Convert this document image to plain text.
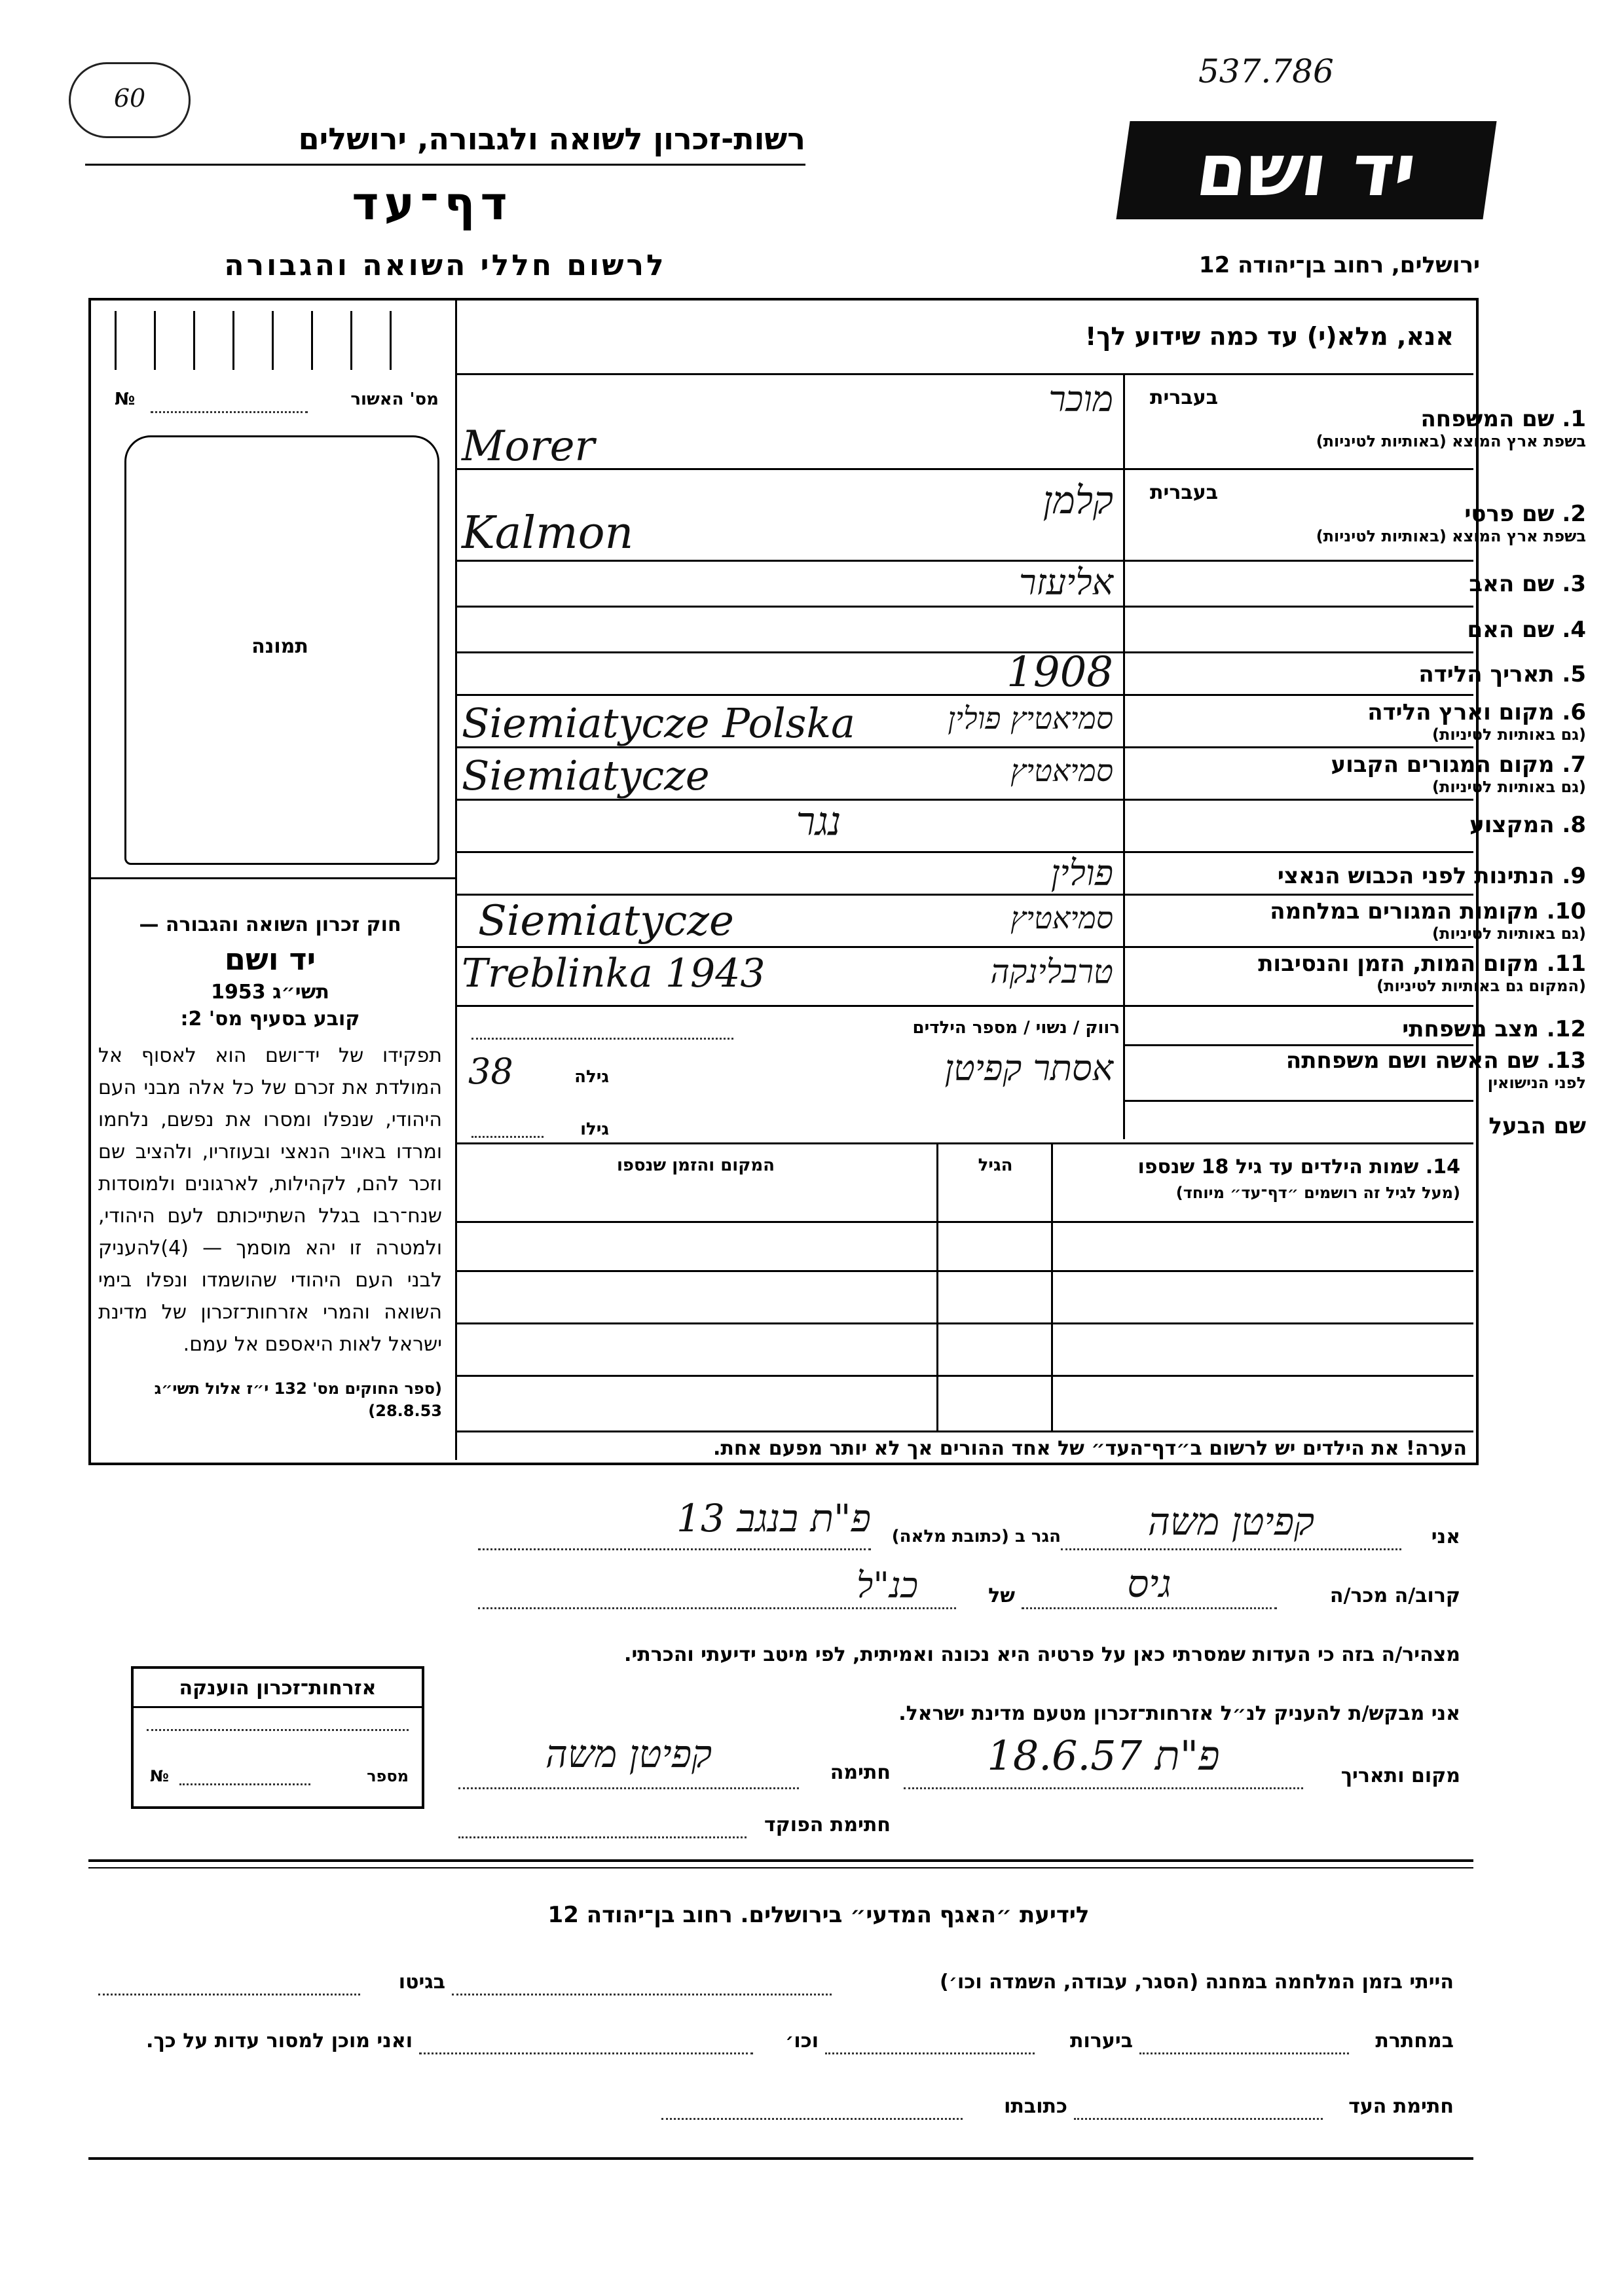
60
537.786
רשות-זכרון לשואה ולגבורה, ירושלים
דף־עד
לרשום חללי השואה והגבורה
יד ושם
ירושלים, רחוב בן־יהודה 12
אנא, מלא(י) עד כמה שידוע לך!
מס' האשור
№
תמונה
חוק זכרון השואה והגבורה —
יד ושם
תשי״ג 1953
קובע בסעיף מס' 2:
תפקידו של יד־ושם הוא לאסוף אל המולדת את זכרם של כל אלה מבני העם היהודי, שנפלו ומסרו את נפשם, נלחמו ומרדו באויב הנאצי ובעוזריו, ולהציב שם וזכר להם, לקהילות, לארגונים ולמוסדות שנח־רבו בגלל השתייכותם לעם היהודי, ולמטרה זו יהא מוסמך — (4)להעניק לבני העם היהודי שהושמדו ונפלו בימי השואה והמרי אזרחות־זכרון של מדינת ישראל לאות היאספם אל עמם.
(ספר החוקים מס' 132 י״ז אלול תשי״ג 28.8.53)
בעברית
1. שם המשפחה
בשפת ארץ המוצא (באותיות לטיניות)
מוכר
Morer
בעברית
2. שם פרטי
בשפת ארץ המוצא (באותיות לטיניות)
קלמן
Kalmon
3. שם האב
אליעזר
4. שם האם
5. תאריך הלידה
1908
6. מקום וארץ הלידה
(גם באותיות לטיניות)
סמיאטיץ פולין
Siemiatycze Polska
7. מקום המגורים הקבוע
(גם באותיות לטיניות)
סמיאטיץ
Siemiatycze
8. המקצוע
נגר
9. הנתינות לפני הכבוש הנאצי
פולין
10. מקומות המגורים במלחמה
(גם באותיות לטיניות)
סמיאטיץ
Siemiatycze
11. מקום המות, הזמן והנסיבות
(המקום גם באותיות לטיניות)
טרבלינקה
Treblinka 1943
12. מצב משפחתי
רווק / נשוי / מספר הילדים
13. שם האשה ושם משפחתה
לפני הנישואין
אסתר קפיטן
גילה
38
שם הבעל
גילו
14. שמות הילדים עד גיל 18 שנספו
(מעל לגיל זה רושמים ״דף־עד״ מיוחד)
הגיל
המקום והזמן שנספו
הערה! את הילדים יש לרשום ב״דף־העד״ של אחד ההורים אך לא יותר מפעם אחת.
אני
קפיטן משה
הגר ב (כתובת מלאה)
פ"ת בנגב 13
קרוב/ה מכר/ה
גיס
של
כנ"ל
מצהיר/ה בזה כי העדות שמסרתי כאן על פרטיה היא נכונה ואמיתית, לפי מיטב ידיעתי והכרתי.
אני מבקש/ת להעניק לנ״ל אזרחות־זכרון מטעם מדינת ישראל.
מקום ותאריך
פ"ת 18.6.57
חתימה
קפיטן משה
חתימת הפוקד
אזרחות־זכרון הוענקה
מספר
№
לידיעת ״האגף המדעי״ בירושלים. רחוב בן־יהודה 12
הייתי בזמן המלחמה במחנה (הסגר, עבודה, השמדה וכו׳)
בגיטו
במחתרת
ביערות
וכו׳
ואני מוכן למסור עדות על כך.
חתימת העד
כתובתו
